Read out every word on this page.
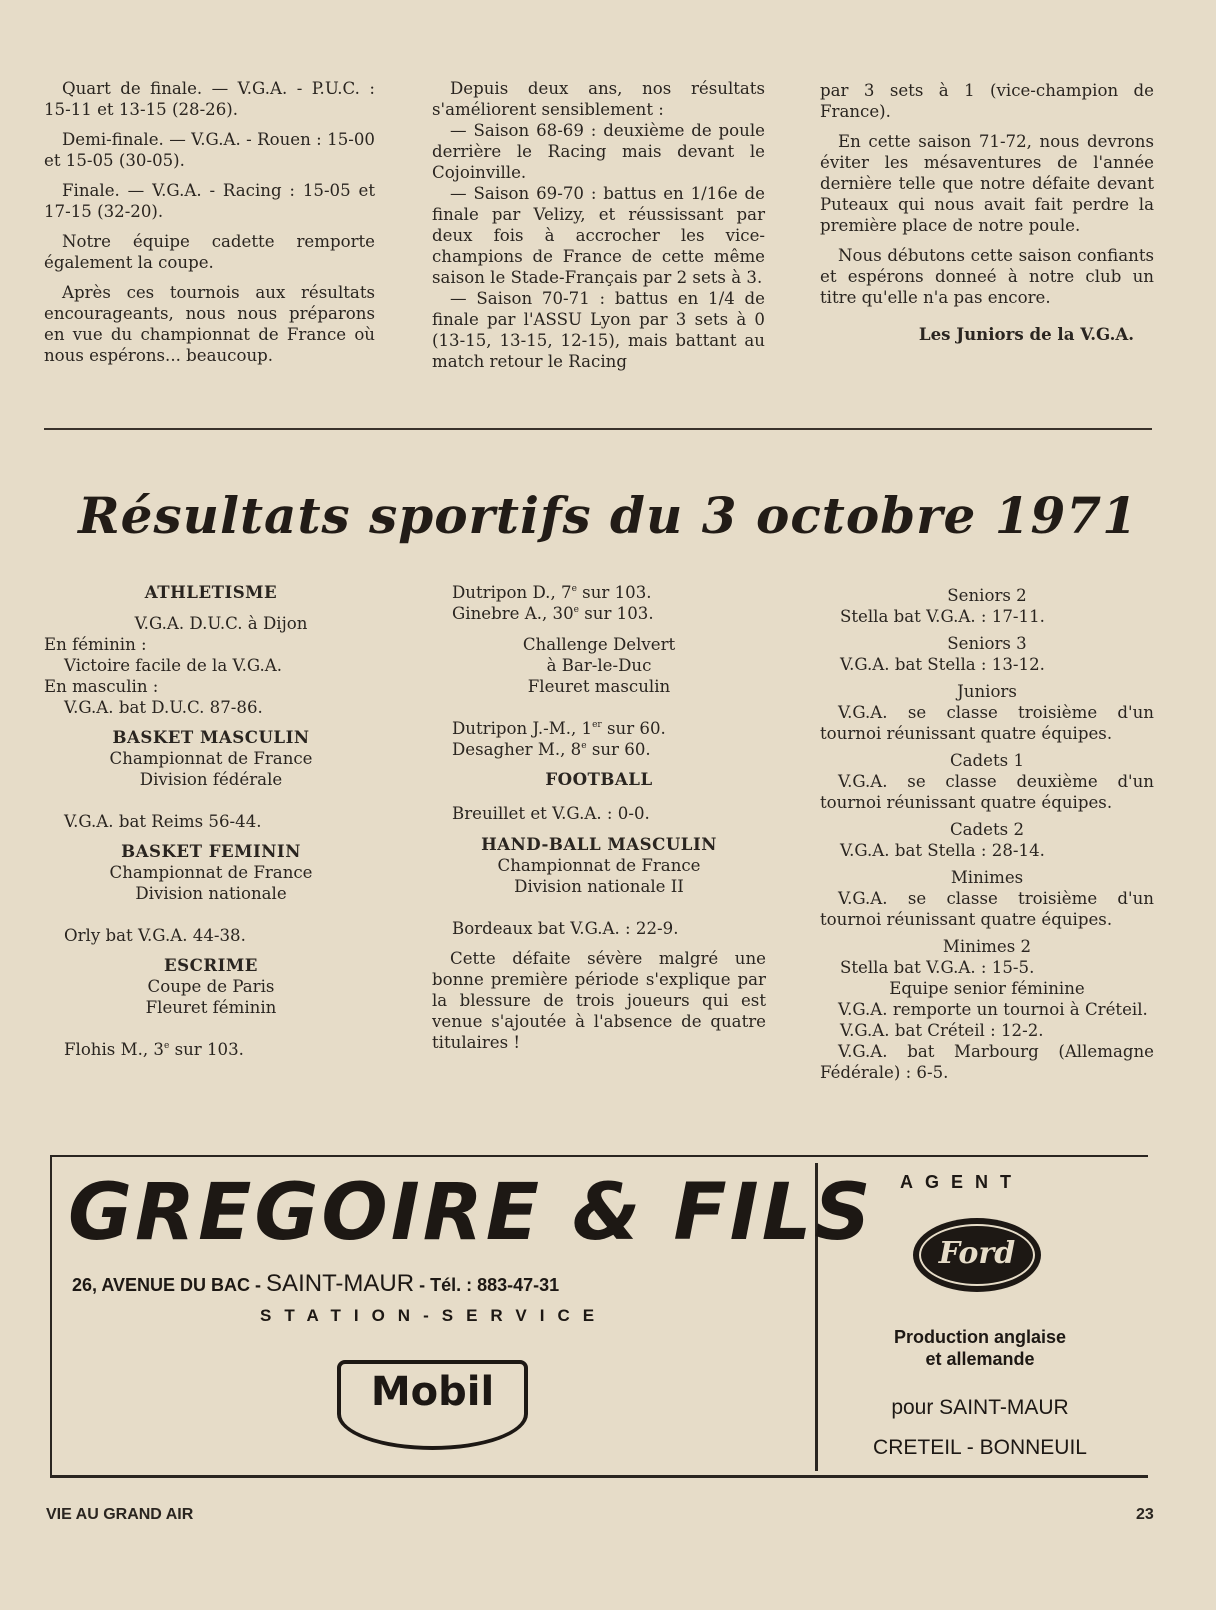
Quart de finale. — V.G.A. - P.U.C. : 15-11 et 13-15 (28-26).

Demi-finale. — V.G.A. - Rouen : 15-00 et 15-05 (30-05).

Finale. — V.G.A. - Racing : 15-05 et 17-15 (32-20).

Notre équipe cadette remporte également la coupe.

Après ces tournois aux résultats encourageants, nous nous préparons en vue du championnat de France où nous espérons... beaucoup.

Depuis deux ans, nos résultats s'améliorent sensiblement :

— Saison 68-69 : deuxième de poule derrière le Racing mais devant le Cojoinville.

— Saison 69-70 : battus en 1/16e de finale par Velizy, et réussissant par deux fois à accrocher les vice-champions de France de cette même saison le Stade-Français par 2 sets à 3.

— Saison 70-71 : battus en 1/4 de finale par l'ASSU Lyon par 3 sets à 0 (13-15, 13-15, 12-15), mais battant au match retour le Racing

par 3 sets à 1 (vice-champion de France).

En cette saison 71-72, nous devrons éviter les mésaventures de l'année dernière telle que notre défaite devant Puteaux qui nous avait fait perdre la première place de notre poule.

Nous débutons cette saison confiants et espérons donneé à notre club un titre qu'elle n'a pas encore.

Les Juniors de la V.G.A.

Résultats sportifs du 3 octobre 1971
ATHLETISME
V.G.A. D.U.C. à Dijon
En féminin :
Victoire facile de la V.G.A.
En masculin :
V.G.A. bat D.U.C. 87-86.
BASKET MASCULIN
Championnat de France
Division fédérale
V.G.A. bat Reims 56-44.
BASKET FEMININ
Championnat de France
Division nationale
Orly bat V.G.A. 44-38.
ESCRIME
Coupe de Paris
Fleuret féminin
Flohis M., 3e sur 103.
Dutripon D., 7e sur 103.
Ginebre A., 30e sur 103.
Challenge Delvert
à Bar-le-Duc
Fleuret masculin
Dutripon J.-M., 1er sur 60.
Desagher M., 8e sur 60.
FOOTBALL
Breuillet et V.G.A. : 0-0.
HAND-BALL MASCULIN
Championnat de France
Division nationale II
Bordeaux bat V.G.A. : 22-9.
Cette défaite sévère malgré une bonne première période s'explique par la blessure de trois joueurs qui est venue s'ajoutée à l'absence de quatre titulaires !
Seniors 2
Stella bat V.G.A. : 17-11.
Seniors 3
V.G.A. bat Stella : 13-12.
Juniors
V.G.A. se classe troisième d'un tournoi réunissant quatre équipes.
Cadets 1
V.G.A. se classe deuxième d'un tournoi réunissant quatre équipes.
Cadets 2
V.G.A. bat Stella : 28-14.
Minimes
V.G.A. se classe troisième d'un tournoi réunissant quatre équipes.
Minimes 2
Stella bat V.G.A. : 15-5.
Equipe senior féminine
V.G.A. remporte un tournoi à Créteil.
V.G.A. bat Créteil : 12-2.
V.G.A. bat Marbourg (Allemagne Fédérale) : 6-5.
GREGOIRE & FILS
26, AVENUE DU BAC - SAINT-MAUR - Tél. : 883-47-31
STATION-SERVICE
Mobil
AGENT
Ford
Production anglaise
et allemande
pour SAINT-MAUR
CRETEIL - BONNEUIL
VIE AU GRAND AIR	23
